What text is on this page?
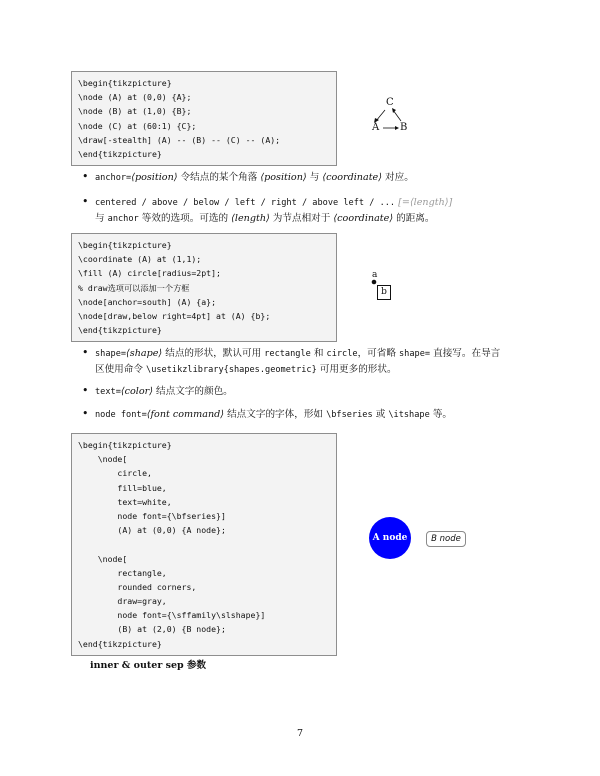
\begin{tikzpicture}
\node (A) at (0,0) {A};
\node (B) at (1,0) {B};
\node (C) at (60:1) {C};
\draw[-stealth] (A) -- (B) -- (C) -- (A);
\end{tikzpicture}
C
A B
• anchor=⟨position⟩ 令结点的某个角落 ⟨position⟩ 与 ⟨coordinate⟩ 对应。
• centered / above / below / left / right / above left / ... [=⟨length⟩]
与 anchor 等效的选项。可选的 ⟨length⟩ 为节点相对于 ⟨coordinate⟩ 的距离。
\begin{tikzpicture}
\coordinate (A) at (1,1);
\fill (A) circle[radius=2pt];
% draw选项可以添加一个方框
\node[anchor=south] (A) {a};
\node[draw,below right=4pt] at (A) {b};
\end{tikzpicture}
a
b
• shape=⟨shape⟩ 结点的形状，默认可用 rectangle 和 circle，可省略 shape= 直接写。在导言
区使用命令 \usetikzlibrary{shapes.geometric} 可用更多的形状。
• text=⟨color⟩ 结点文字的颜色。
• node font=⟨font command⟩ 结点文字的字体，形如 \bfseries 或 \itshape 等。
\begin{tikzpicture}
\node[
circle,
fill=blue,
text=white,
node font={\bfseries}]
(A) at (0,0) {A node};
\node[
rectangle,
rounded corners,
draw=gray,
node font={\sffamily\slshape}]
(B) at (2,0) {B node};
\end{tikzpicture}
A node	B node
inner & outer sep 参数
7
